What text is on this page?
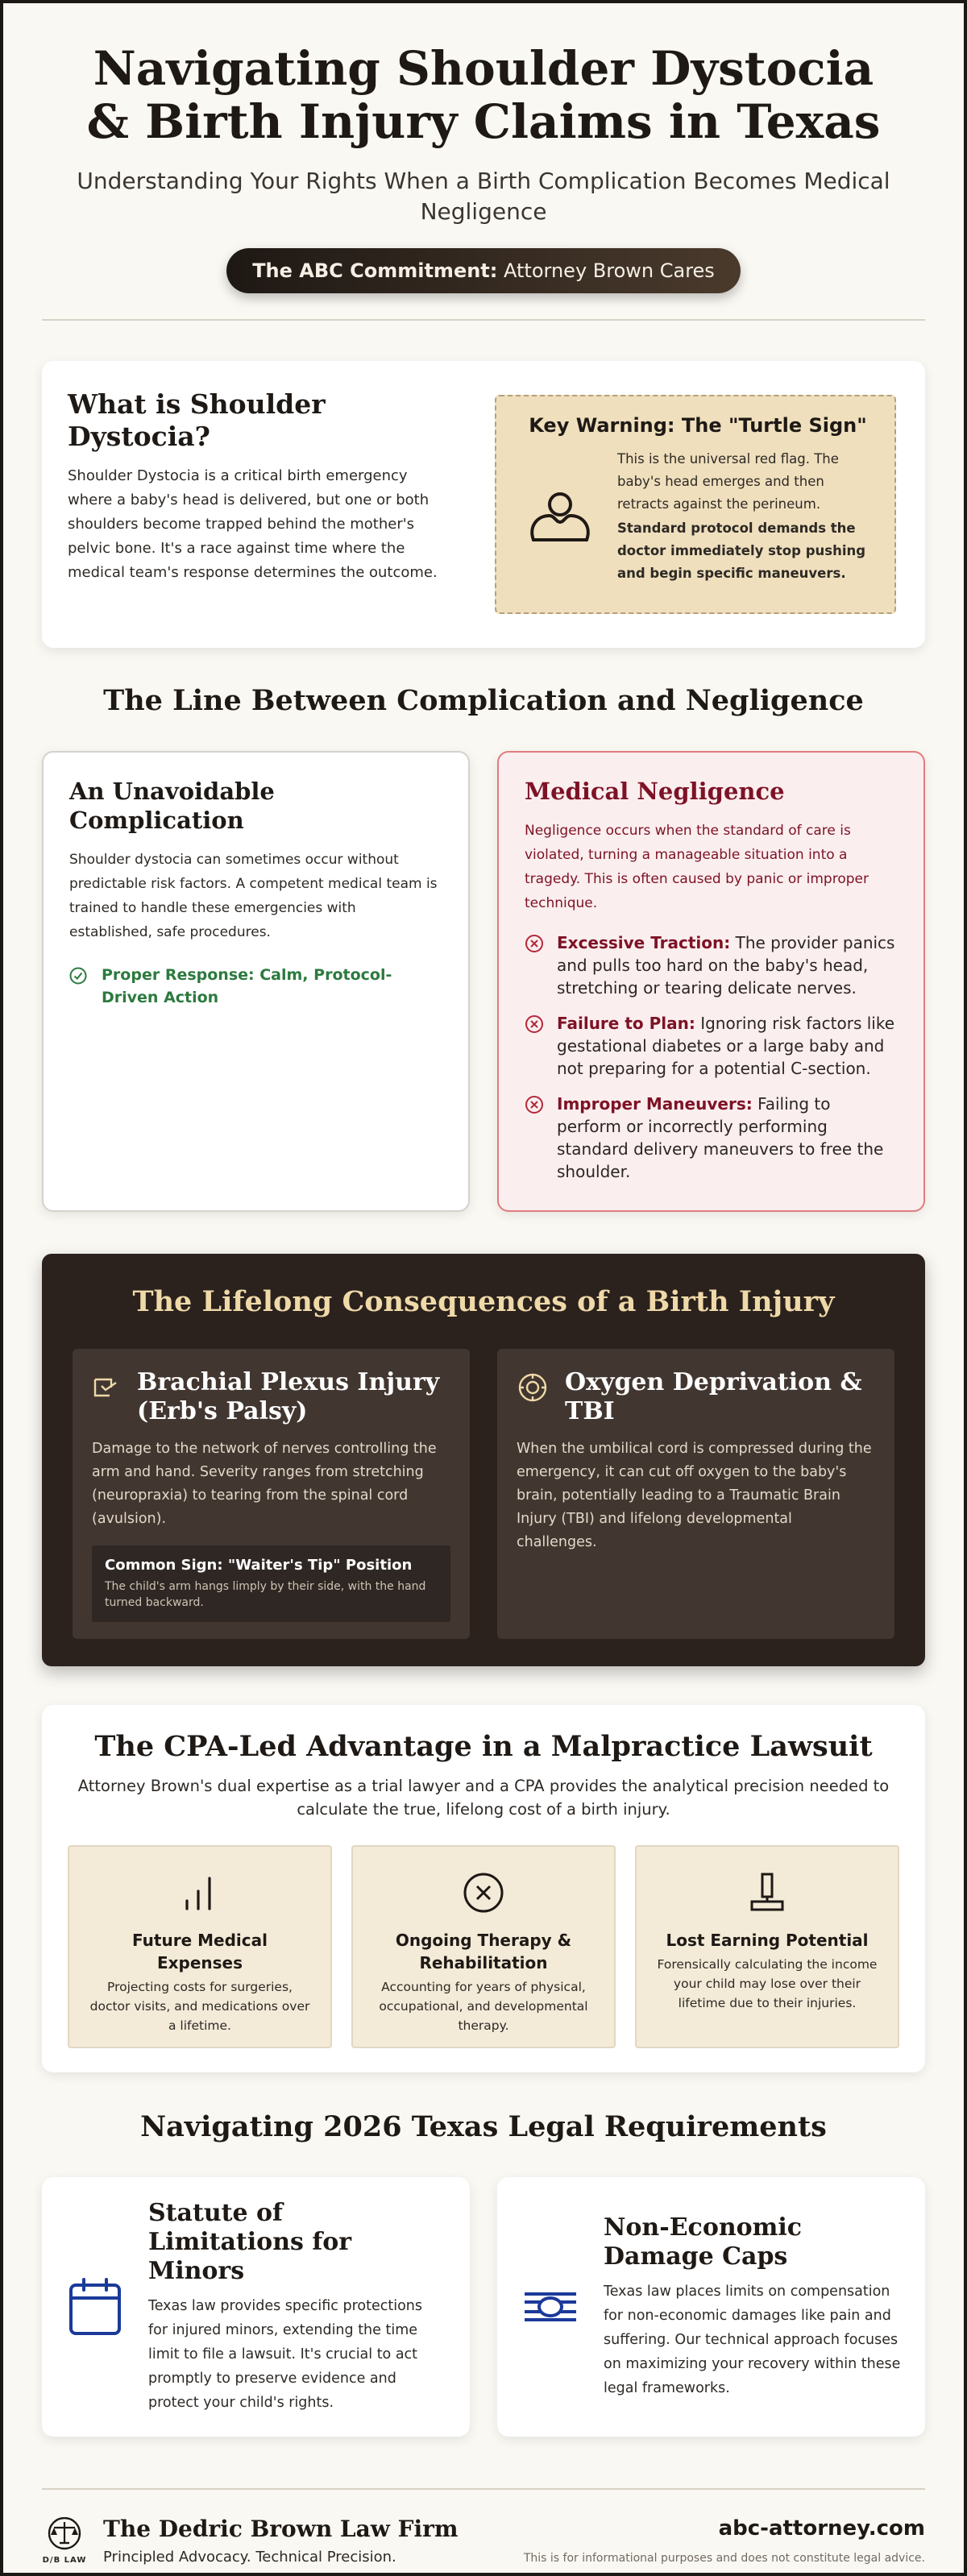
Navigating Shoulder Dystocia & Birth Injury Claims in Texas
Understanding Your Rights When a Birth Complication Becomes Medical Negligence
The ABC Commitment: Attorney Brown Cares
What is Shoulder Dystocia?

Shoulder Dystocia is a critical birth emergency where a baby's head is delivered, but one or both shoulders become trapped behind the mother's pelvic bone. It's a race against time where the medical team's response determines the outcome.

Key Warning: The "Turtle Sign"
This is the universal red flag. The baby's head emerges and then retracts against the perineum.
Standard protocol demands the doctor immediately stop pushing and begin specific maneuvers.
The Line Between Complication and Negligence
An Unavoidable Complication

Shoulder dystocia can sometimes occur without predictable risk factors. A competent medical team is trained to handle these emergencies with established, safe procedures.

Proper Response: Calm, Protocol-Driven Action
Medical Negligence

Negligence occurs when the standard of care is violated, turning a manageable situation into a tragedy. This is often caused by panic or improper technique.

Excessive Traction: The provider panics and pulls too hard on the baby's head, stretching or tearing delicate nerves.
Failure to Plan: Ignoring risk factors like gestational diabetes or a large baby and not preparing for a potential C-section.
Improper Maneuvers: Failing to perform or incorrectly performing standard delivery maneuvers to free the shoulder.
The Lifelong Consequences of a Birth Injury
Brachial Plexus Injury (Erb's Palsy)

Damage to the network of nerves controlling the arm and hand. Severity ranges from stretching (neuropraxia) to tearing from the spinal cord (avulsion).

Common Sign: "Waiter's Tip" Position

The child's arm hangs limply by their side, with the hand turned backward.

Oxygen Deprivation & TBI

When the umbilical cord is compressed during the emergency, it can cut off oxygen to the baby's brain, potentially leading to a Traumatic Brain Injury (TBI) and lifelong developmental challenges.

The CPA-Led Advantage in a Malpractice Lawsuit

Attorney Brown's dual expertise as a trial lawyer and a CPA provides the analytical precision needed to calculate the true, lifelong cost of a birth injury.

Future Medical Expenses

Projecting costs for surgeries, doctor visits, and medications over a lifetime.

Ongoing Therapy & Rehabilitation

Accounting for years of physical, occupational, and developmental therapy.

Lost Earning Potential

Forensically calculating the income your child may lose over their lifetime due to their injuries.

Navigating 2026 Texas Legal Requirements
Statute of Limitations for Minors

Texas law provides specific protections for injured minors, extending the time limit to file a lawsuit. It's crucial to act promptly to preserve evidence and protect your child's rights.

Non-Economic Damage Caps

Texas law places limits on compensation for non-economic damages like pain and suffering. Our technical approach focuses on maximizing your recovery within these legal frameworks.

D/B LAW
The Dedric Brown Law Firm

Principled Advocacy. Technical Precision.

abc-attorney.com
This is for informational purposes and does not constitute legal advice.
